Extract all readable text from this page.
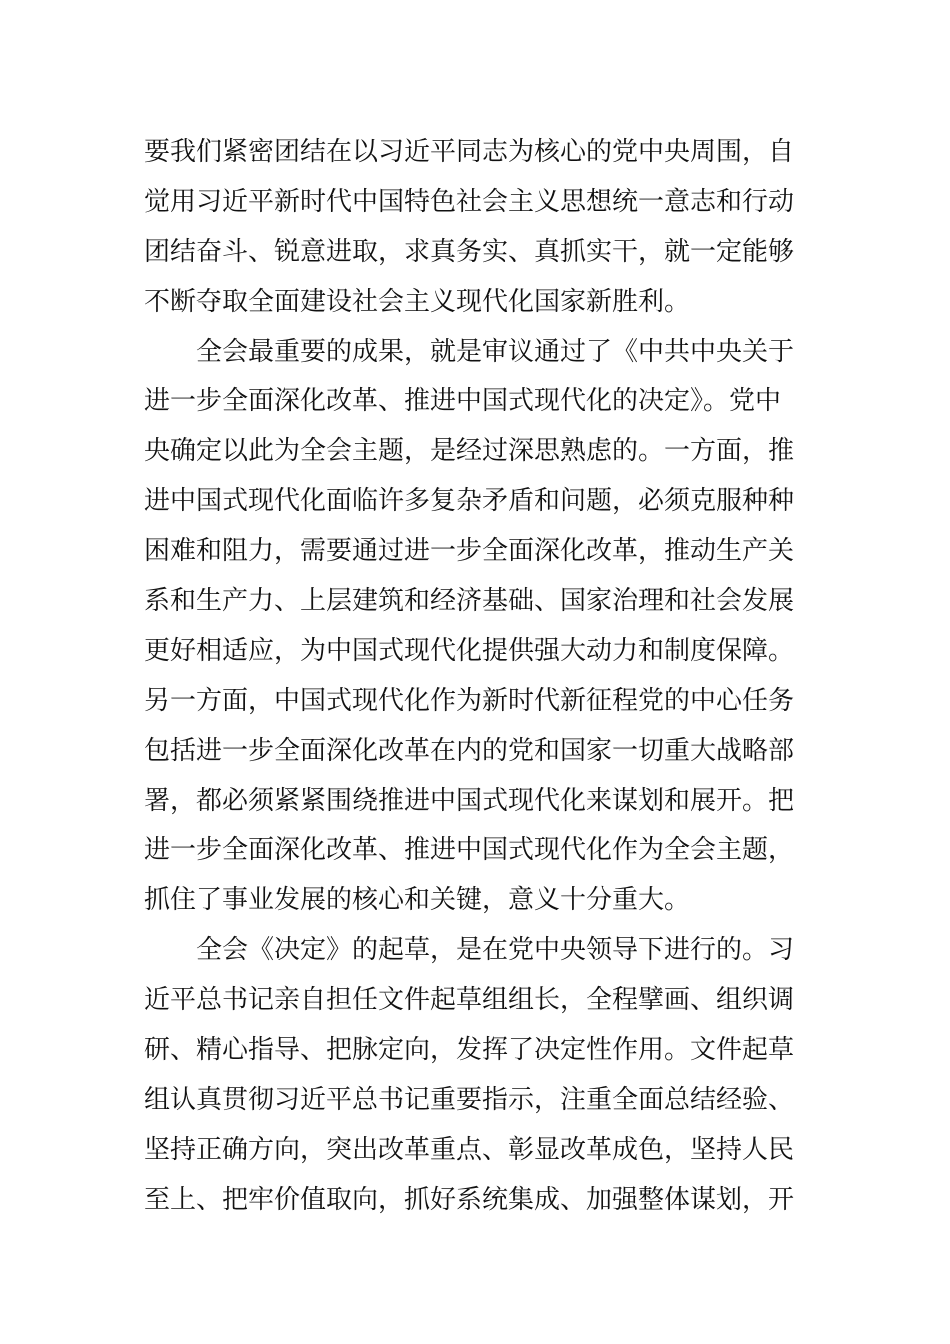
要我们紧密团结在以习近平同志为核心的党中央周围，自
觉用习近平新时代中国特色社会主义思想统一意志和行动
团结奋斗、锐意进取，求真务实、真抓实干，就一定能够
不断夺取全面建设社会主义现代化国家新胜利。
　　全会最重要的成果，就是审议通过了《中共中央关于
进一步全面深化改革、推进中国式现代化的决定》。党中
央确定以此为全会主题，是经过深思熟虑的。一方面，推
进中国式现代化面临许多复杂矛盾和问题，必须克服种种
困难和阻力，需要通过进一步全面深化改革，推动生产关
系和生产力、上层建筑和经济基础、国家治理和社会发展
更好相适应，为中国式现代化提供强大动力和制度保障。
另一方面，中国式现代化作为新时代新征程党的中心任务
包括进一步全面深化改革在内的党和国家一切重大战略部
署，都必须紧紧围绕推进中国式现代化来谋划和展开。把
进一步全面深化改革、推进中国式现代化作为全会主题，
抓住了事业发展的核心和关键，意义十分重大。
　　全会《决定》的起草，是在党中央领导下进行的。习
近平总书记亲自担任文件起草组组长，全程擘画、组织调
研、精心指导、把脉定向，发挥了决定性作用。文件起草
组认真贯彻习近平总书记重要指示，注重全面总结经验、
坚持正确方向，突出改革重点、彰显改革成色，坚持人民
至上、把牢价值取向，抓好系统集成、加强整体谋划，开
